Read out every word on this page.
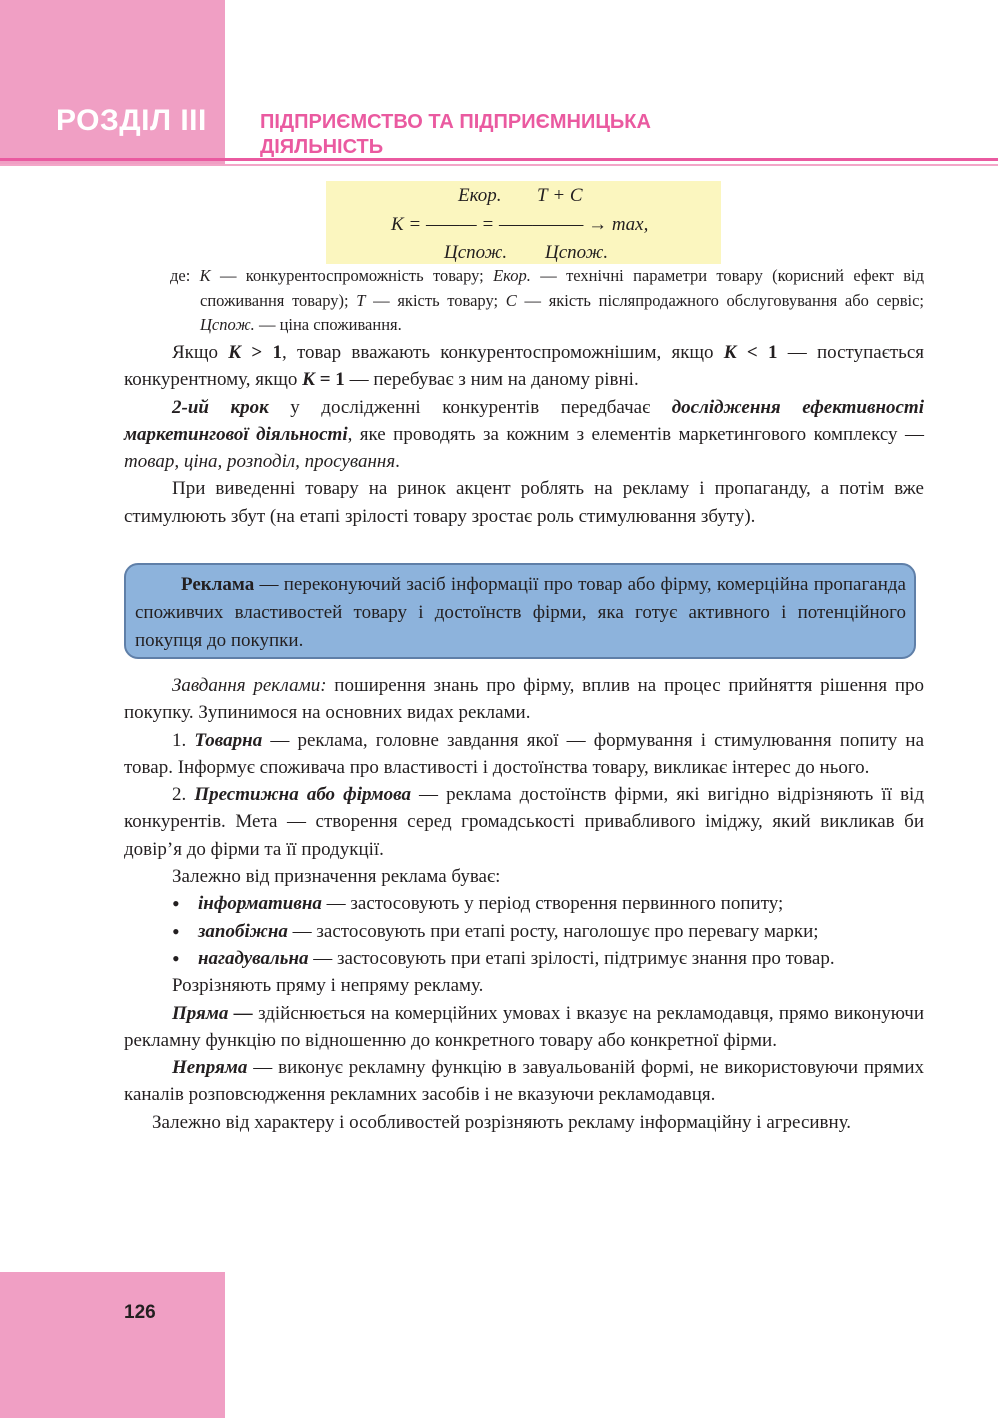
РОЗДІЛ ІІІ	ПІДПРИЄМСТВО ТА ПІДПРИЄМНИЦЬКА
ДІЯЛЬНІСТЬ
Екор. Т + С
К = ——— = ————— → max,
Цспож. Цспож.

де: К — конкурентоспроможність товару; Екор. — технічні параметри товару (корисний ефект від споживання товару); Т — якість товару; С — якість післяпродажного обслуговування або сервіс; Цспож. — ціна споживання.

Якщо К > 1, товар вважають конкурентоспроможнішим, якщо К < 1 — поступається конкурентному, якщо К = 1 — перебуває з ним на даному рівні.

2-ий крок у дослідженні конкурентів передбачає дослідження ефективності маркетингової діяльності, яке проводять за кожним з елементів маркетингового комплексу — товар, ціна, розподіл, просування.

При виведенні товару на ринок акцент роблять на рекламу і пропаганду, а потім вже стимулюють збут (на етапі зрілості товару зростає роль стимулювання збуту).

Реклама — переконуючий засіб інформації про товар або фірму, комерційна пропаганда споживчих властивостей товару і достоїнств фірми, яка готує активного і потенційного покупця до покупки.

Завдання реклами: поширення знань про фірму, вплив на процес прийняття рішення про покупку. Зупинимося на основних видах реклами.

1. Товарна — реклама, головне завдання якої — формування і стимулювання попиту на товар. Інформує споживача про властивості і достоїнства товару, викликає інтерес до нього.

2. Престижна або фірмова — реклама достоїнств фірми, які вигідно відрізняють її від конкурентів. Мета — створення серед громадськості привабливого іміджу, який викликав би довір’я до фірми та її продукції.

Залежно від призначення реклама буває:

• інформативна — застосовують у період створення первинного попиту;

• запобіжна — застосовують при етапі росту, наголошує про перевагу марки;

• нагадувальна — застосовують при етапі зрілості, підтримує знання про товар.

Розрізняють пряму і непряму рекламу.

Пряма — здійснюється на комерційних умовах і вказує на рекламодавця, прямо виконуючи рекламну функцію по відношенню до конкретного товару або конкретної фірми.

Непряма — виконує рекламну функцію в завуальованій формі, не використовуючи прямих каналів розповсюдження рекламних засобів і не вказуючи рекламодавця.

Залежно від характеру і особливостей розрізняють рекламу інформаційну і агресивну.

126
